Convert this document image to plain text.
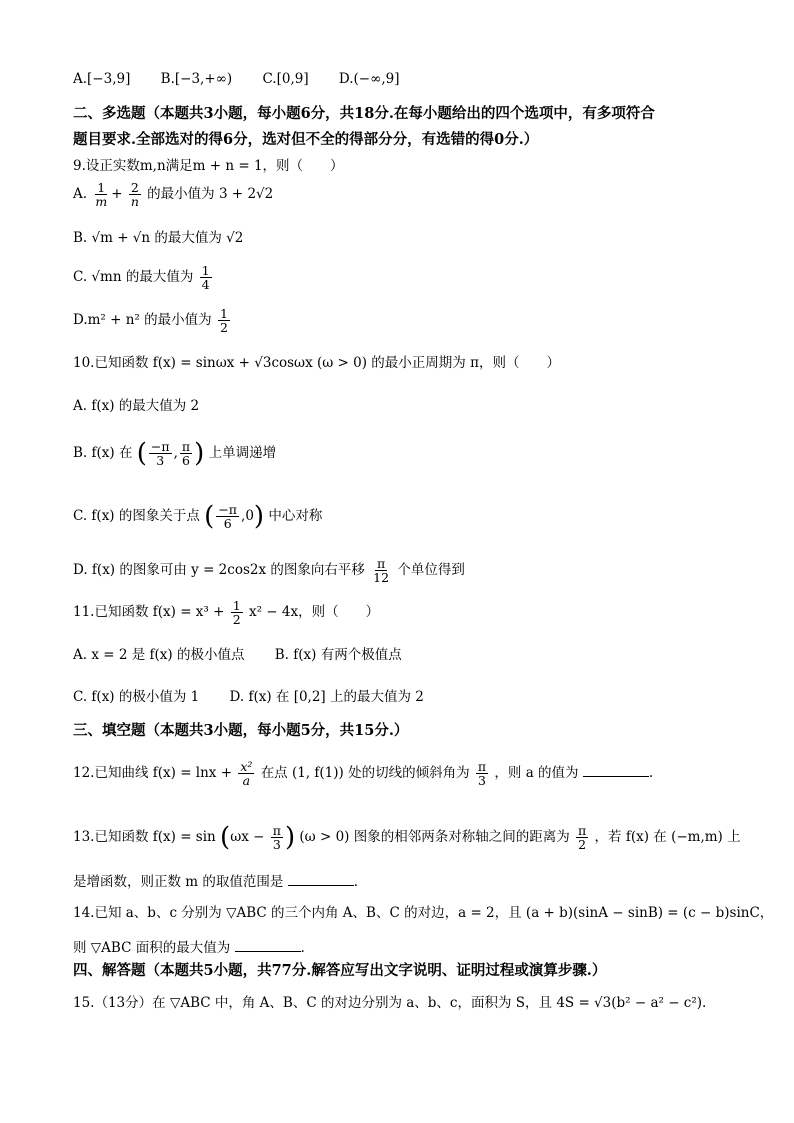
A.[−3,9] B.[−3,+∞) C.[0,9] D.(−∞,9]
二、多选题（本题共3小题，每小题6分，共18分.在每小题给出的四个选项中，有多项符合
题目要求.全部选对的得6分，选对但不全的得部分分，有选错的得0分.）
9.设正实数m,n满足m + n = 1，则（　　）
A. $\frac{1}{m} + \frac{2}{n}$ 的最小值为 3 + 2√2
B. √m + √n 的最大值为 √2
C. √mn 的最大值为 $\frac{1}{4}$
D.m² + n² 的最小值为 $\frac{1}{2}$
10.已知函数 f(x) = sinωx + √3cosωx (ω > 0) 的最小正周期为 π，则（　　）
A. f(x) 的最大值为 2
B. f(x) 在 ( $\frac{-\pi}{3}$ , $\frac{\pi}{6}$ ) 上单调递增
C. f(x) 的图象关于点 ( $\frac{-\pi}{6} ,0$) 中心对称
D. f(x) 的图象可由 y = 2cos2x 的图象向右平移 $\frac{\pi}{12}$ 个单位得到
11.已知函数 $f(x) = x^3 + \frac{1}{2} x^2 - 4x$，则（　　）
A. x = 2 是 f(x) 的极小值点 B. f(x) 有两个极值点
C. f(x) 的极小值为 1 D. f(x) 在 [0,2] 上的最大值为 2
三、填空题（本题共3小题，每小题5分，共15分.）
12.已知曲线 $f(x) = \ln x + \frac{\text{x²}}{a}$ 在点 (1, f(1)) 处的切线的倾斜角为 $\frac{\pi}{3}$ ，则 a 的值为	.
13.已知函数 $f(x) = \sin (\omega x - \frac{\pi}{3}$ ) (ω > 0) 图象的相邻两条对称轴之间的距离为 $\frac{\pi}{2}$ ，若 f(x) 在 (−m,m) 上
是增函数，则正数 m 的取值范围是	.
14.已知 a、b、c 分别为 ▽ABC 的三个内角 A、B、C 的对边，a = 2，且 (a + b)(sinA − sinB) = (c − b)sinC，
则 ▽ABC 面积的最大值为	.
四、解答题（本题共5小题，共77分.解答应写出文字说明、证明过程或演算步骤.）
15.（13分）在 ▽ABC 中，角 A、B、C 的对边分别为 a、b、c，面积为 S，且 4S = √3(b² − a² − c²).
